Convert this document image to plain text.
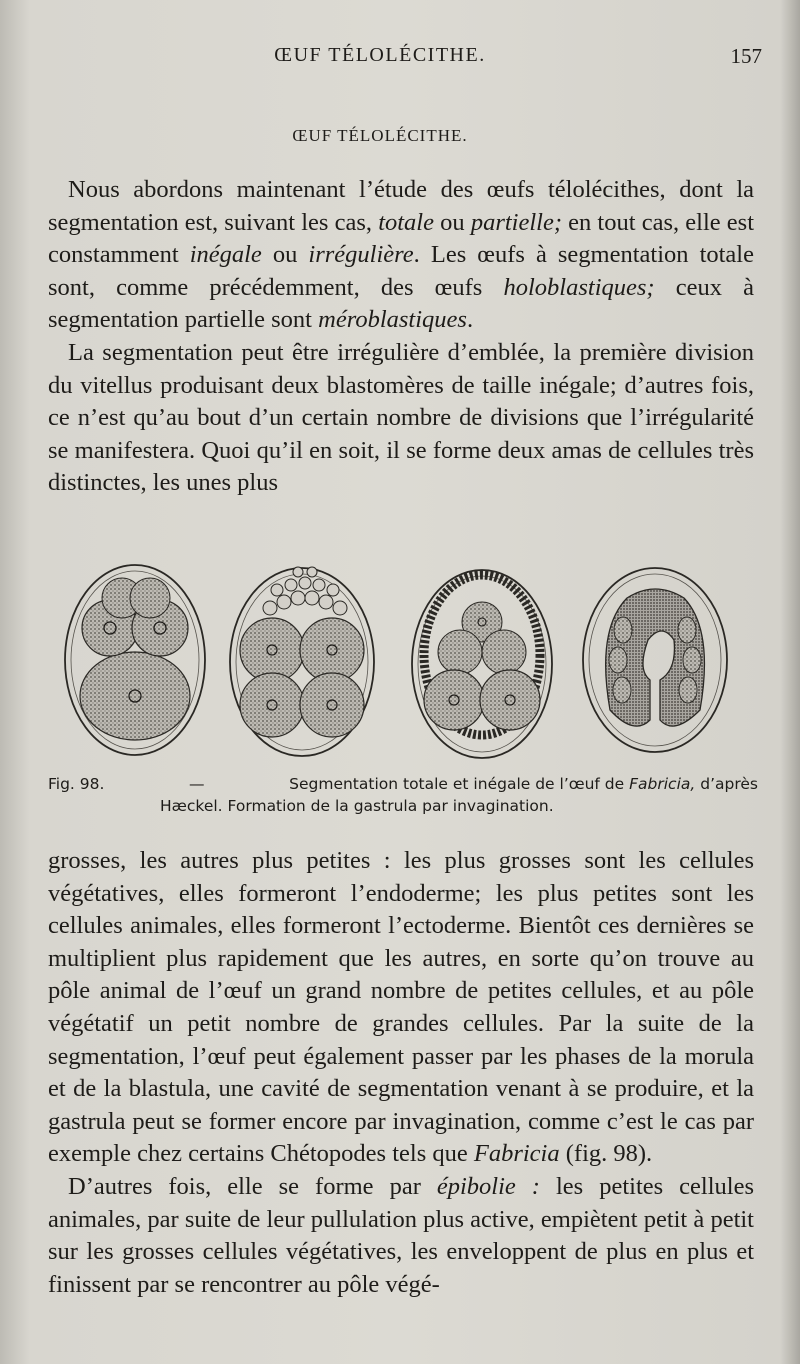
ŒUF TÉLOLÉCITHE.	157
ŒUF TÉLOLÉCITHE.

Nous abordons maintenant l’étude des œufs télolécithes, dont la segmentation est, suivant les cas, totale ou partielle; en tout cas, elle est constamment inégale ou irrégulière. Les œufs à segmentation totale sont, comme précédemment, des œufs holoblastiques; ceux à segmentation partielle sont méroblastiques.

La segmentation peut être irrégulière d’emblée, la première division du vitellus produisant deux blastomères de taille inégale; d’autres fois, ce n’est qu’au bout d’un certain nombre de divisions que l’irrégularité se manifestera. Quoi qu’il en soit, il se forme deux amas de cellules très distinctes, les unes plus

Fig. 98.	—	Segmentation totale et inégale de l’œuf de Fabricia, d’après
Hæckel. Formation de la gastrula par invagination.

grosses, les autres plus petites : les plus grosses sont les cellules végétatives, elles formeront l’endoderme; les plus petites sont les cellules animales, elles formeront l’ectoderme. Bientôt ces dernières se multiplient plus rapidement que les autres, en sorte qu’on trouve au pôle animal de l’œuf un grand nombre de petites cellules, et au pôle végétatif un petit nombre de grandes cellules. Par la suite de la segmentation, l’œuf peut également passer par les phases de la morula et de la blastula, une cavité de segmentation venant à se produire, et la gastrula peut se former encore par invagination, comme c’est le cas par exemple chez certains Chétopodes tels que Fabricia (fig. 98).

D’autres fois, elle se forme par épibolie : les petites cellules animales, par suite de leur pullulation plus active, empiètent petit à petit sur les grosses cellules végétatives, les enveloppent de plus en plus et finissent par se rencontrer au pôle végé-
